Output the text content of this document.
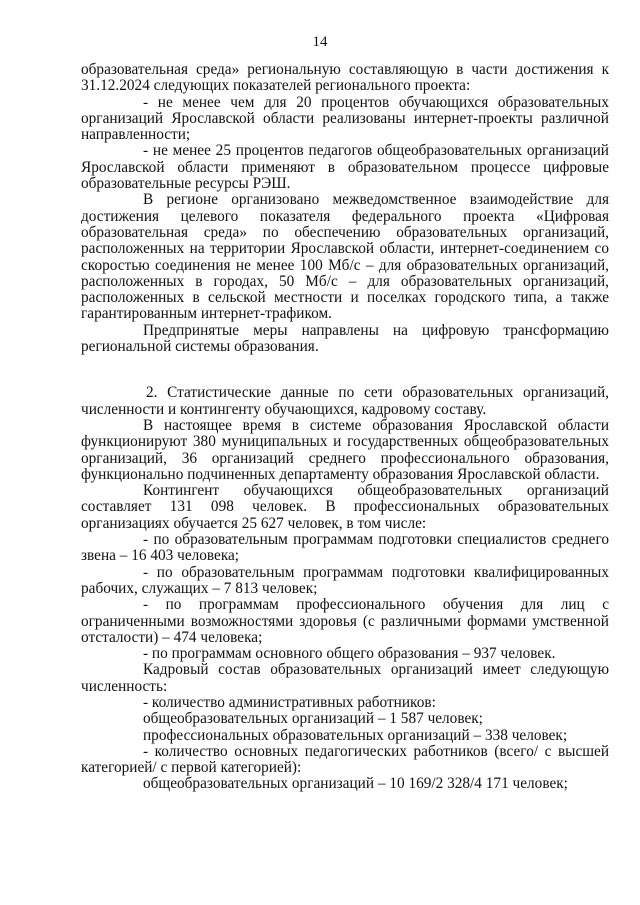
14

образовательная среда» региональную составляющую в части достижения к 31.12.2024 следующих показателей регионального проекта:

- не менее чем для 20 процентов обучающихся образовательных организаций Ярославской области реализованы интернет-проекты различной направленности;

- не менее 25 процентов педагогов общеобразовательных организаций Ярославской области применяют в образовательном процессе цифровые образовательные ресурсы РЭШ.

В регионе организовано межведомственное взаимодействие для достижения целевого показателя федерального проекта «Цифровая образовательная среда» по обеспечению образовательных организаций, расположенных на территории Ярославской области, интернет-соединением со скоростью соединения не менее 100 Мб/с – для образовательных организаций, расположенных в городах, 50 Мб/с – для образовательных организаций, расположенных в сельской местности и поселках городского типа, а также гарантированным интернет-трафиком.

Предпринятые меры направлены на цифровую трансформацию региональной системы образования.

2. Статистические данные по сети образовательных организаций, численности и контингенту обучающихся, кадровому составу.

В настоящее время в системе образования Ярославской области функционируют 380 муниципальных и государственных общеобразовательных организаций, 36 организаций среднего профессионального образования, функционально подчиненных департаменту образования Ярославской области.

Контингент обучающихся общеобразовательных организаций составляет 131 098 человек. В профессиональных образовательных организациях обучается 25 627 человек, в том числе:

- по образовательным программам подготовки специалистов среднего звена – 16 403 человека;

- по образовательным программам подготовки квалифицированных рабочих, служащих – 7 813 человек;

- по программам профессионального обучения для лиц с ограниченными возможностями здоровья (с различными формами умственной отсталости) – 474 человека;

- по программам основного общего образования – 937 человек.

Кадровый состав образовательных организаций имеет следующую численность:

- количество административных работников:

общеобразовательных организаций – 1 587 человек;

профессиональных образовательных организаций – 338 человек;

- количество основных педагогических работников (всего/ с высшей категорией/ с первой категорией):

общеобразовательных организаций – 10 169/2 328/4 171 человек;
